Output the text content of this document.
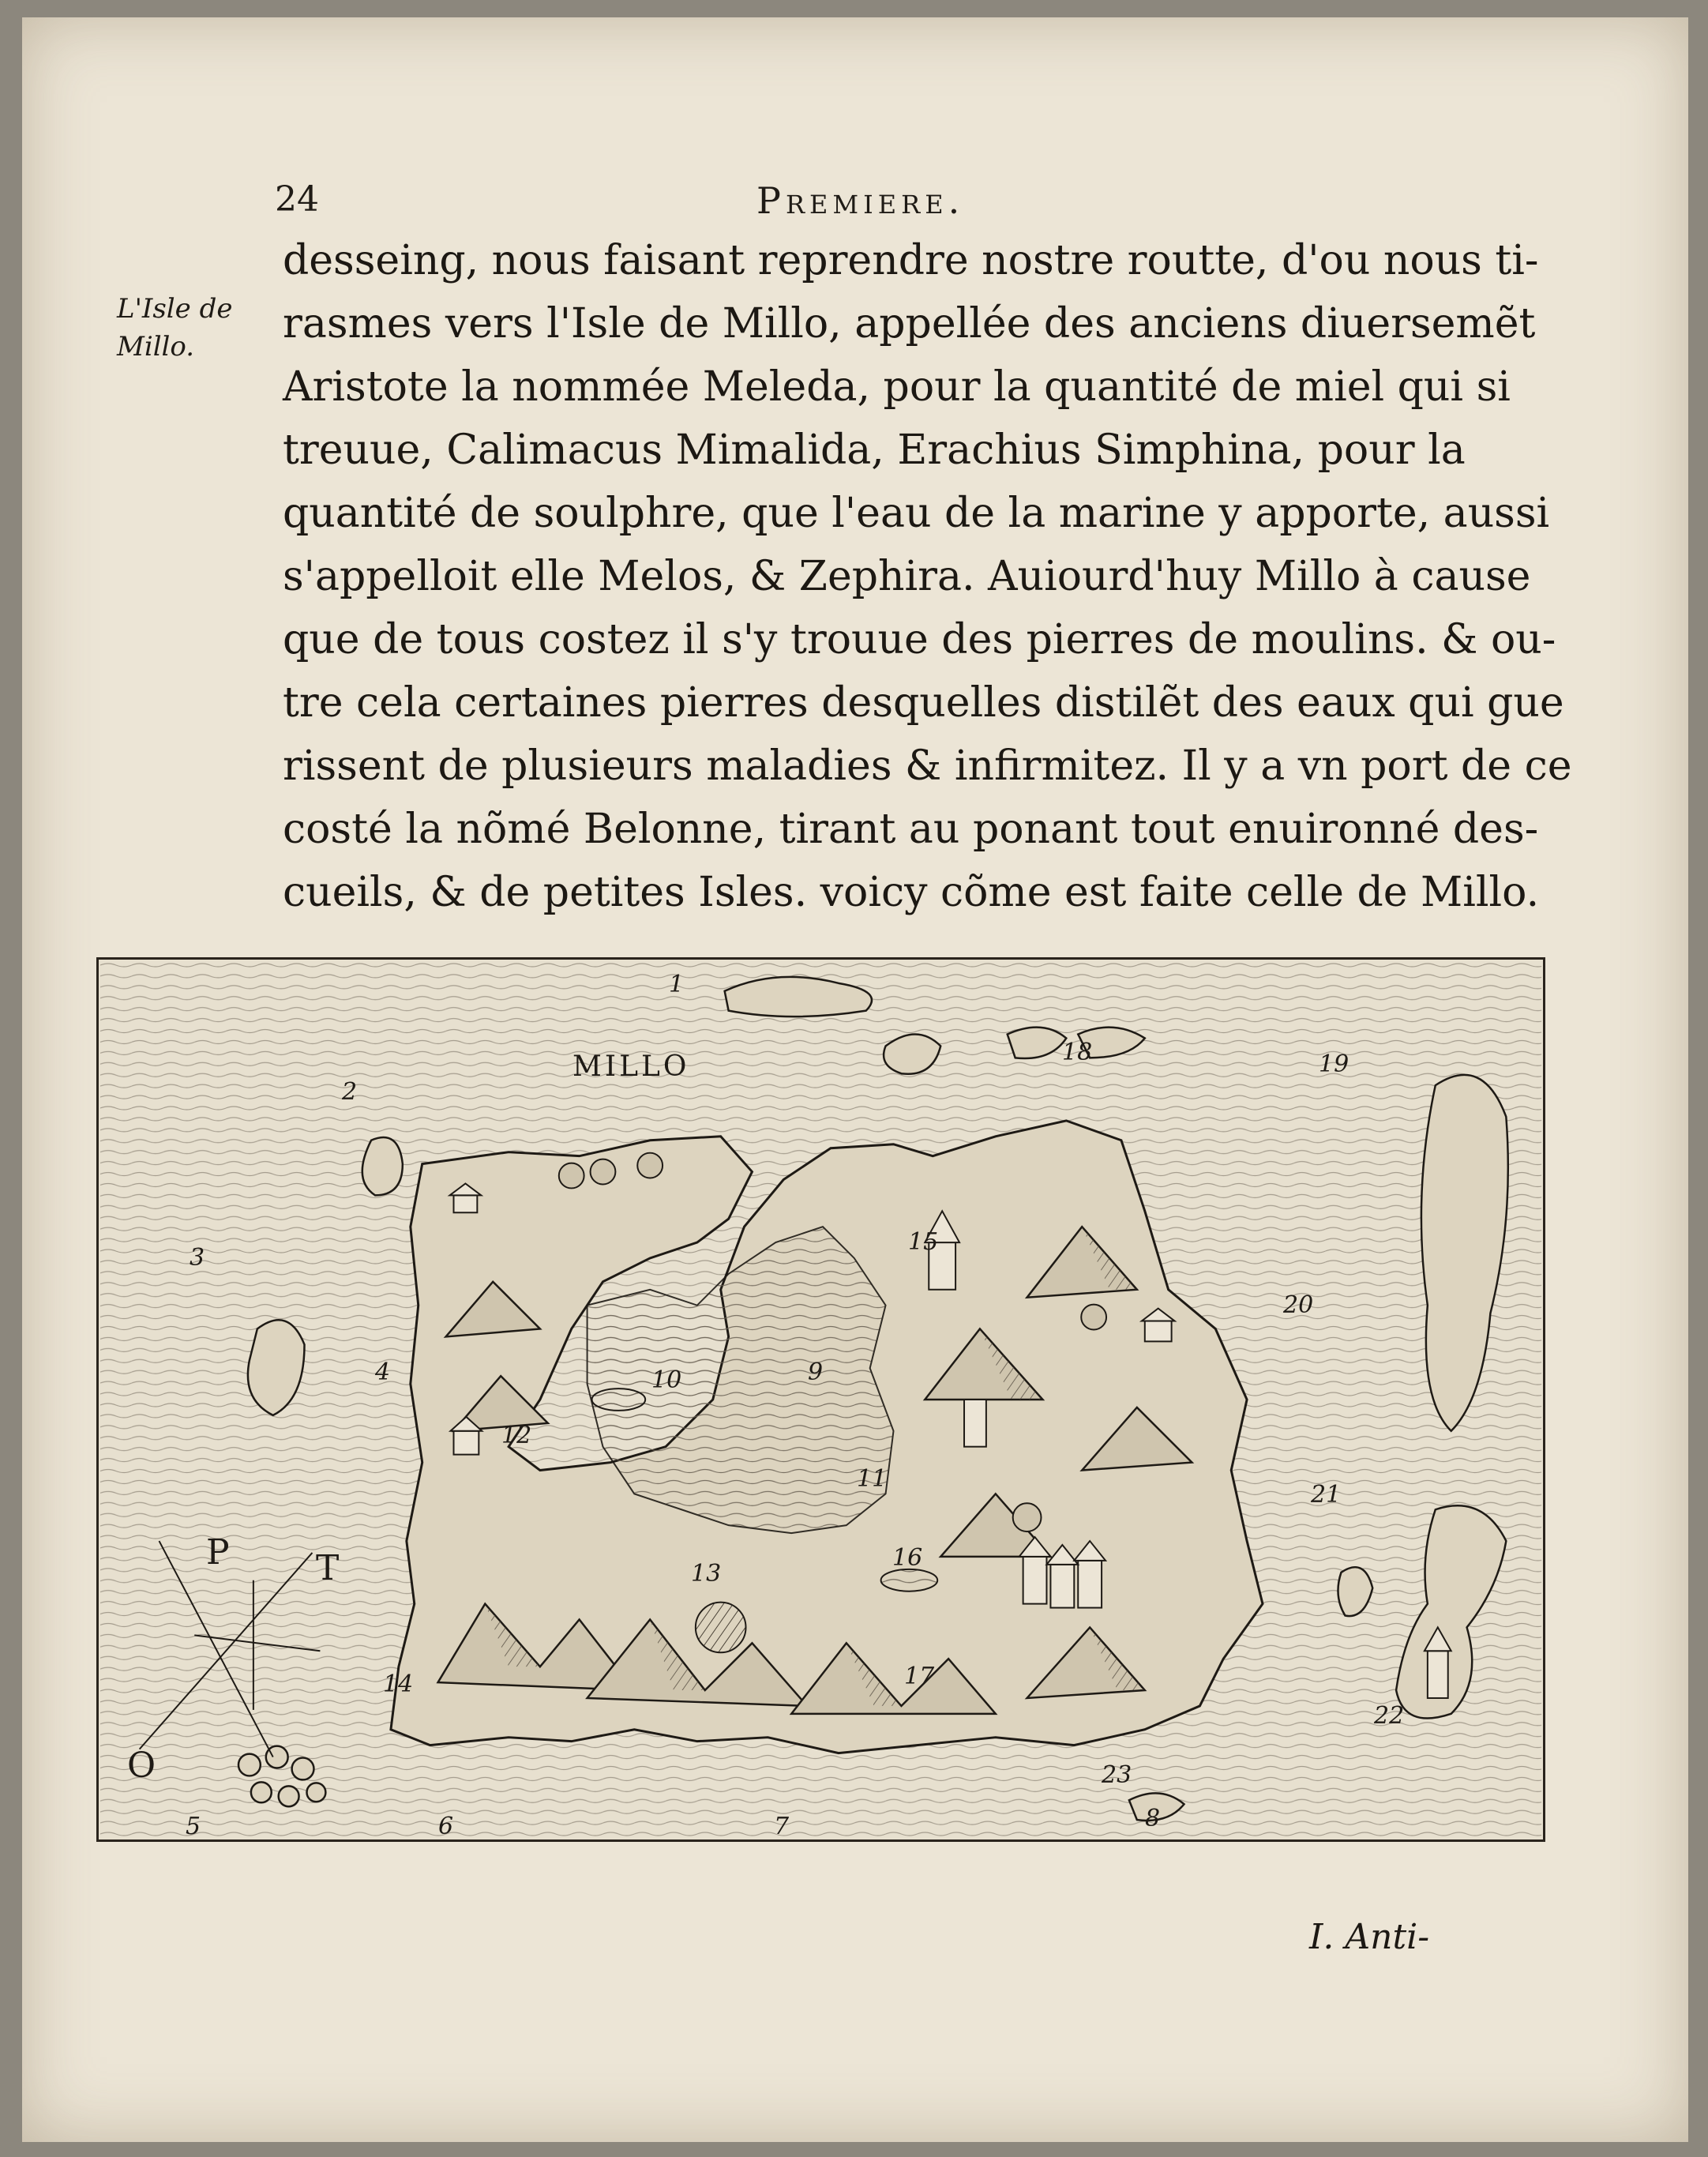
24	Premiere.
L'Isle de
Millo.
desseing, nous faisant reprendre nostre routte, d'ou nous ti-
rasmes vers l'Isle de Millo, appellée des anciens diuersemẽt
Aristote la nommée Meleda, pour la quantité de miel qui si
treuue, Calimacus Mimalida, Erachius Simphina, pour la
quantité de soulphre, que l'eau de la marine y apporte, aussi
s'appelloit elle Melos, & Zephira. Auiourd'huy Millo à cause
que de tous costez il s'y trouue des pierres de moulins. & ou-
tre cela certaines pierres desquelles distilẽt des eaux qui gue
rissent de plusieurs maladies & infirmitez. Il y a vn port de ce
costé la nõmé Belonne, tirant au ponant tout enuironné des-
cueils, & de petites Isles. voicy cõme est faite celle de Millo.
MILLO
1
2
3
4
5	6	7	8
9
10
11
12
13
14
15
16
17
18	19
20
21
22
23
P T
O
I. Anti-
